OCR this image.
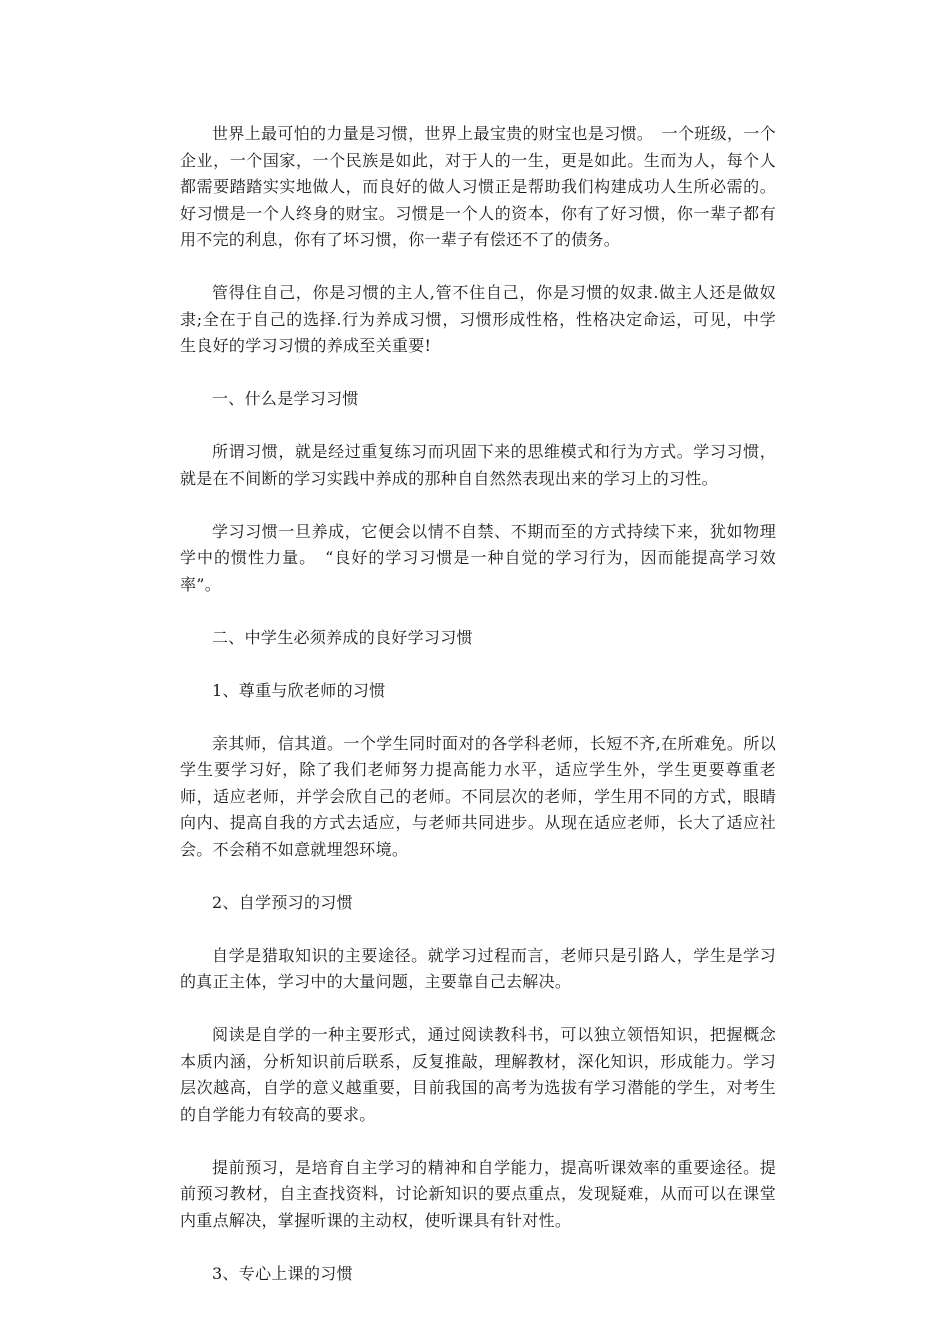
世界上最可怕的力量是习惯，世界上最宝贵的财宝也是习惯。　一个班级，一个企业，一个国家，一个民族是如此，对于人的一生，更是如此。生而为人，每个人都需要踏踏实实地做人，而良好的做人习惯正是帮助我们构建成功人生所必需的。好习惯是一个人终身的财宝。习惯是一个人的资本，你有了好习惯，你一辈子都有用不完的利息，你有了坏习惯，你一辈子有偿还不了的债务。

管得住自己，你是习惯的主人,管不住自己，你是习惯的奴隶.做主人还是做奴隶;全在于自己的选择.行为养成习惯，习惯形成性格，性格决定命运，可见，中学生良好的学习习惯的养成至关重要!

一、什么是学习习惯

所谓习惯，就是经过重复练习而巩固下来的思维模式和行为方式。学习习惯，就是在不间断的学习实践中养成的那种自自然然表现出来的学习上的习性。

学习习惯一旦养成，它便会以情不自禁、不期而至的方式持续下来，犹如物理学中的惯性力量。　“良好的学习习惯是一种自觉的学习行为，因而能提高学习效率”。

二、中学生必须养成的良好学习习惯

1、尊重与欣老师的习惯

亲其师，信其道。一个学生同时面对的各学科老师，长短不齐,在所难免。所以学生要学习好，除了我们老师努力提高能力水平，适应学生外，学生更要尊重老师，适应老师，并学会欣自己的老师。不同层次的老师，学生用不同的方式，眼睛向内、提高自我的方式去适应，与老师共同进步。从现在适应老师，长大了适应社会。不会稍不如意就埋怨环境。

2、自学预习的习惯

自学是猎取知识的主要途径。就学习过程而言，老师只是引路人，学生是学习的真正主体，学习中的大量问题，主要靠自己去解决。

阅读是自学的一种主要形式，通过阅读教科书，可以独立领悟知识，把握概念本质内涵，分析知识前后联系，反复推敲，理解教材，深化知识，形成能力。学习层次越高，自学的意义越重要，目前我国的高考为选拔有学习潜能的学生，对考生的自学能力有较高的要求。

提前预习，是培育自主学习的精神和自学能力，提高听课效率的重要途径。提前预习教材，自主查找资料，讨论新知识的要点重点，发现疑难，从而可以在课堂内重点解决，掌握听课的主动权，使听课具有针对性。

3、专心上课的习惯
